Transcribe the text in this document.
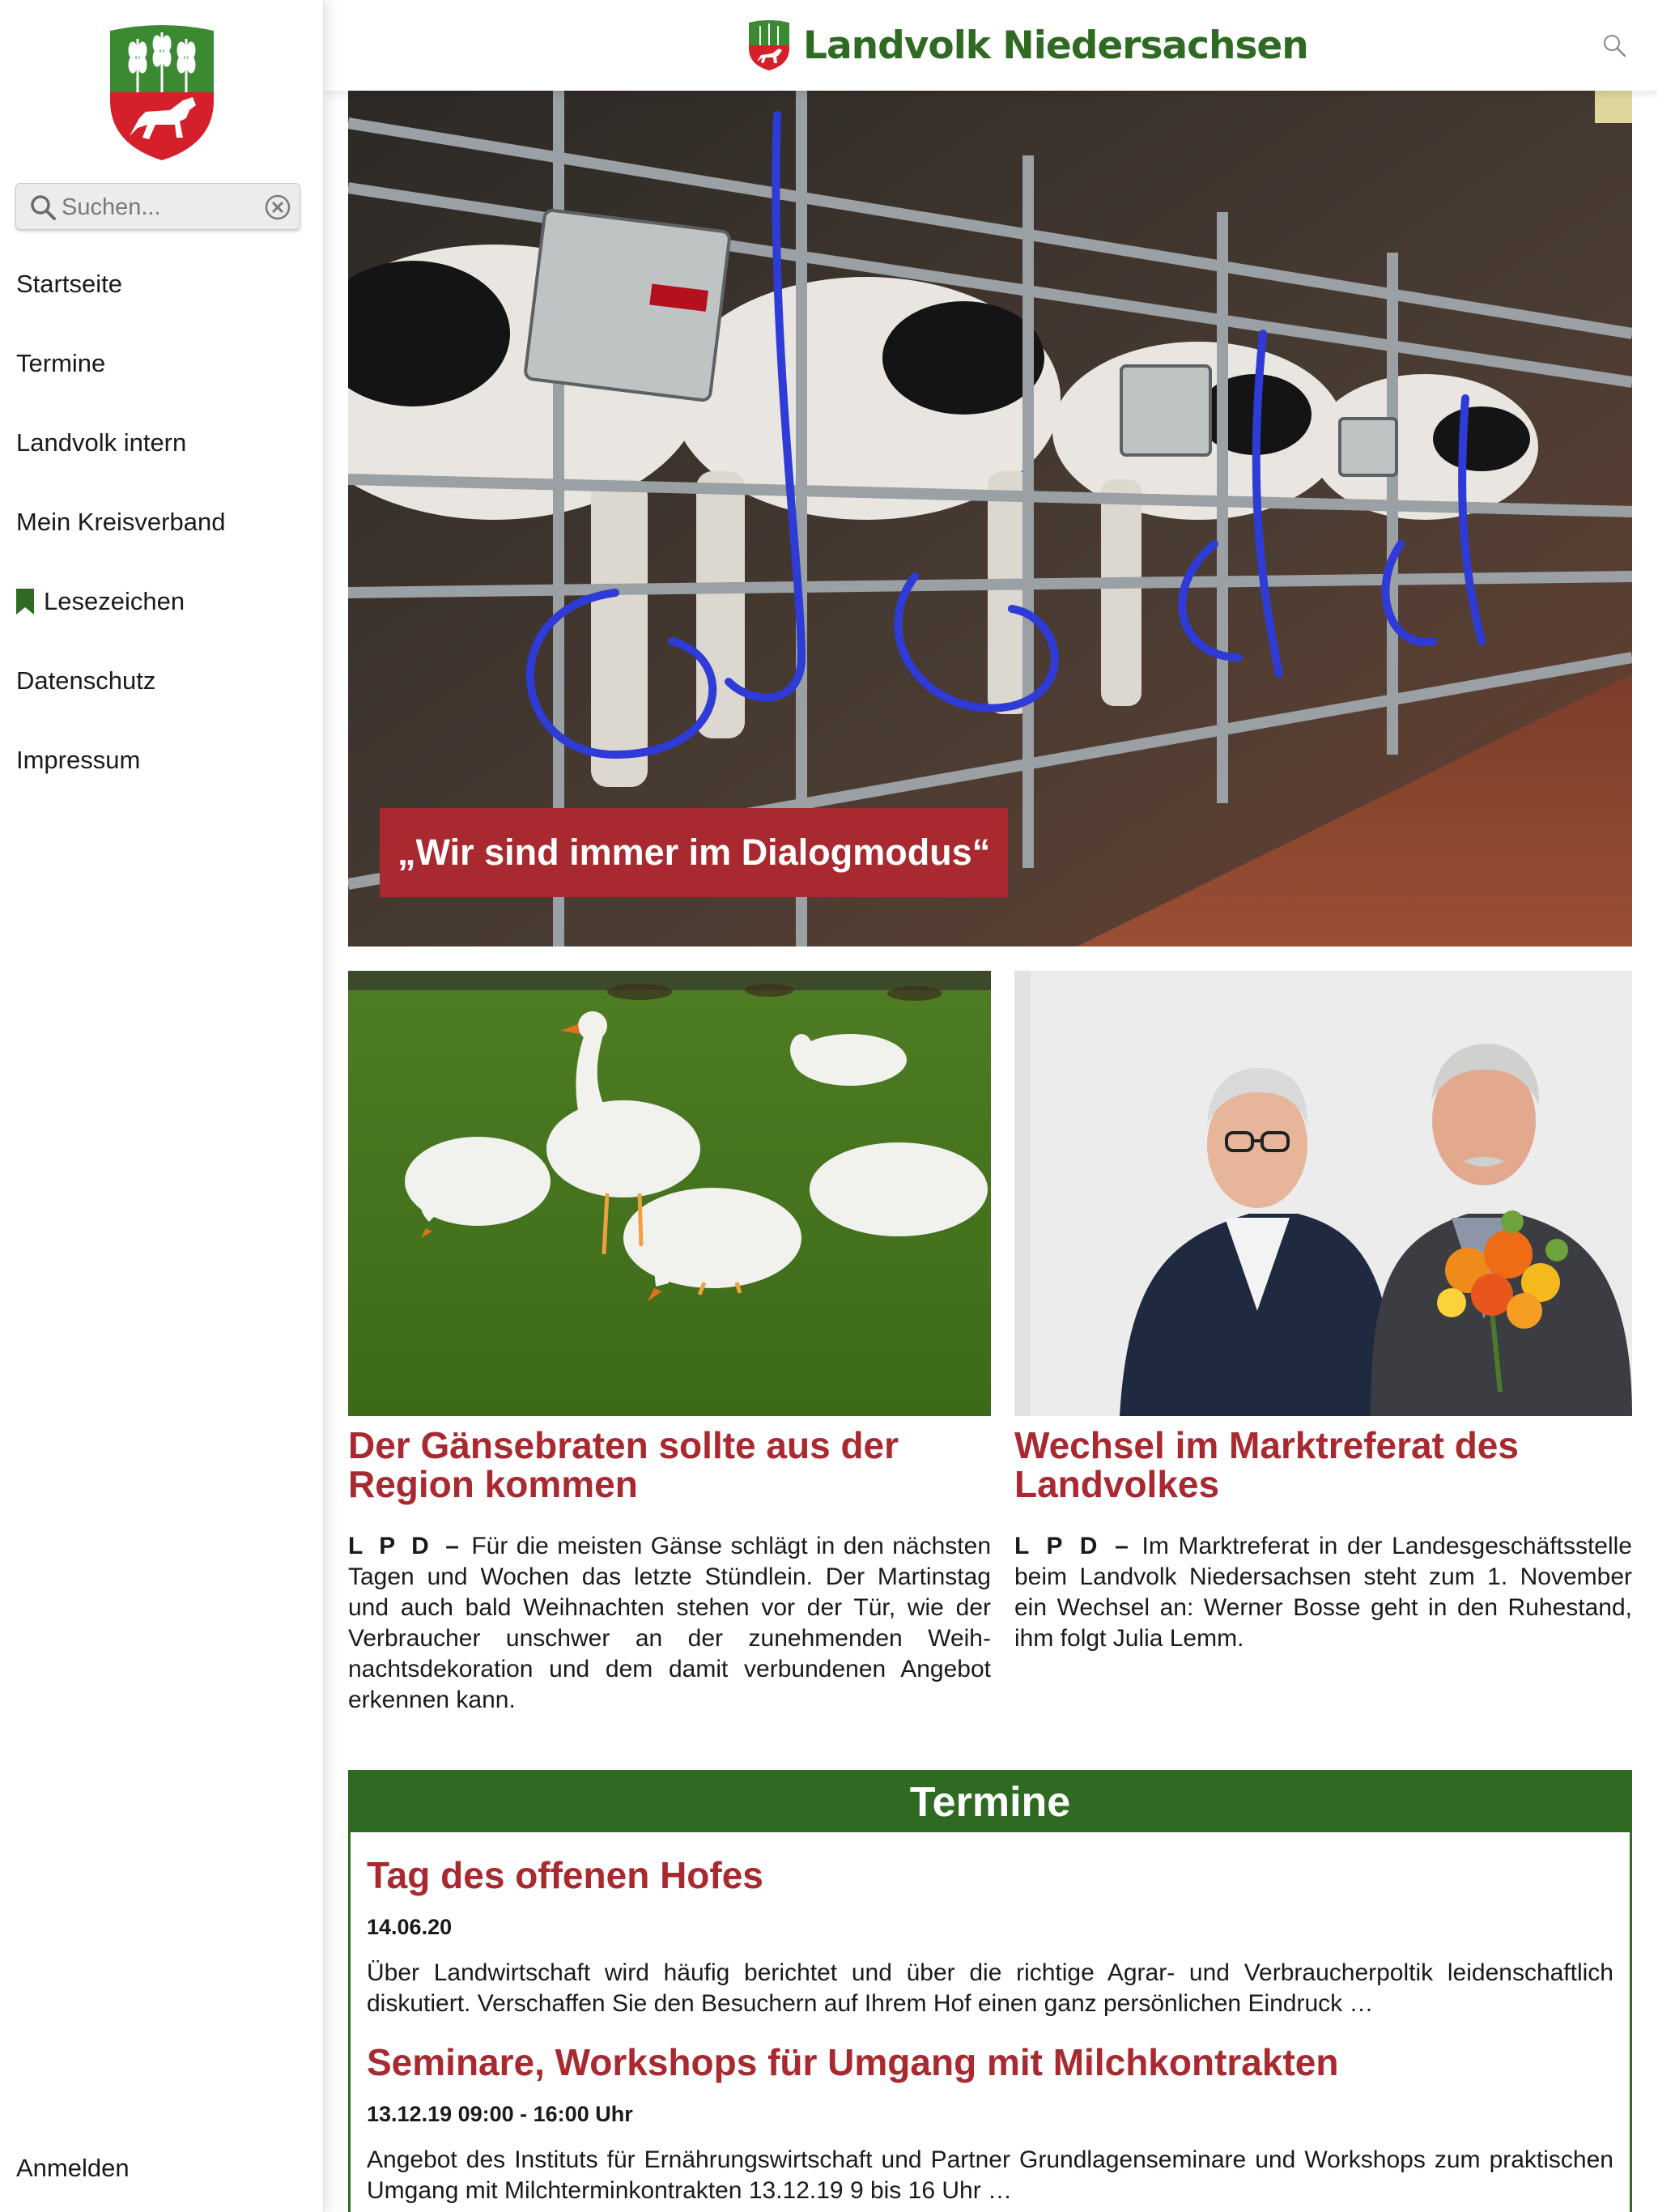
Suchen...
Startseite
Termine
Landvolk intern
Mein Kreisverband
Lesezeichen
Datenschutz
Impressum
Anmelden
Landvolk Niedersachsen
„Wir sind immer im Dialogmodus“
Der Gänsebraten sollte aus der Region kommen

L P D – Für die meisten Gänse schlägt in den nächsten Tagen und Wochen das letzte Stündlein. Der Martinstag und auch bald Weihnachten stehen vor der Tür, wie der Verbraucher unschwer an der zunehmenden Weihnachtsdekoration und dem damit verbundenen Angebot erkennen kann.

Wechsel im Marktreferat des Landvolkes

L P D – Im Marktreferat in der Landesgeschäftsstelle beim Landvolk Niedersachsen steht zum 1. November ein Wechsel an: Werner Bosse geht in den Ruhestand, ihm folgt Julia Lemm.

Termine
Tag des offenen Hofes
14.06.20
Über Landwirtschaft wird häufig berichtet und über die richtige Agrar- und Verbraucherpoltik leidenschaftlich diskutiert. Verschaffen Sie den Besuchern auf Ihrem Hof einen ganz persönlichen Eindruck …
Seminare, Workshops für Umgang mit Milchkontrakten
13.12.19 09:00 - 16:00 Uhr
Angebot des Instituts für Ernährungswirtschaft und Partner Grundlagenseminare und Workshops zum praktischen Umgang mit Milchterminkontrakten 13.12.19 9 bis 16 Uhr …
